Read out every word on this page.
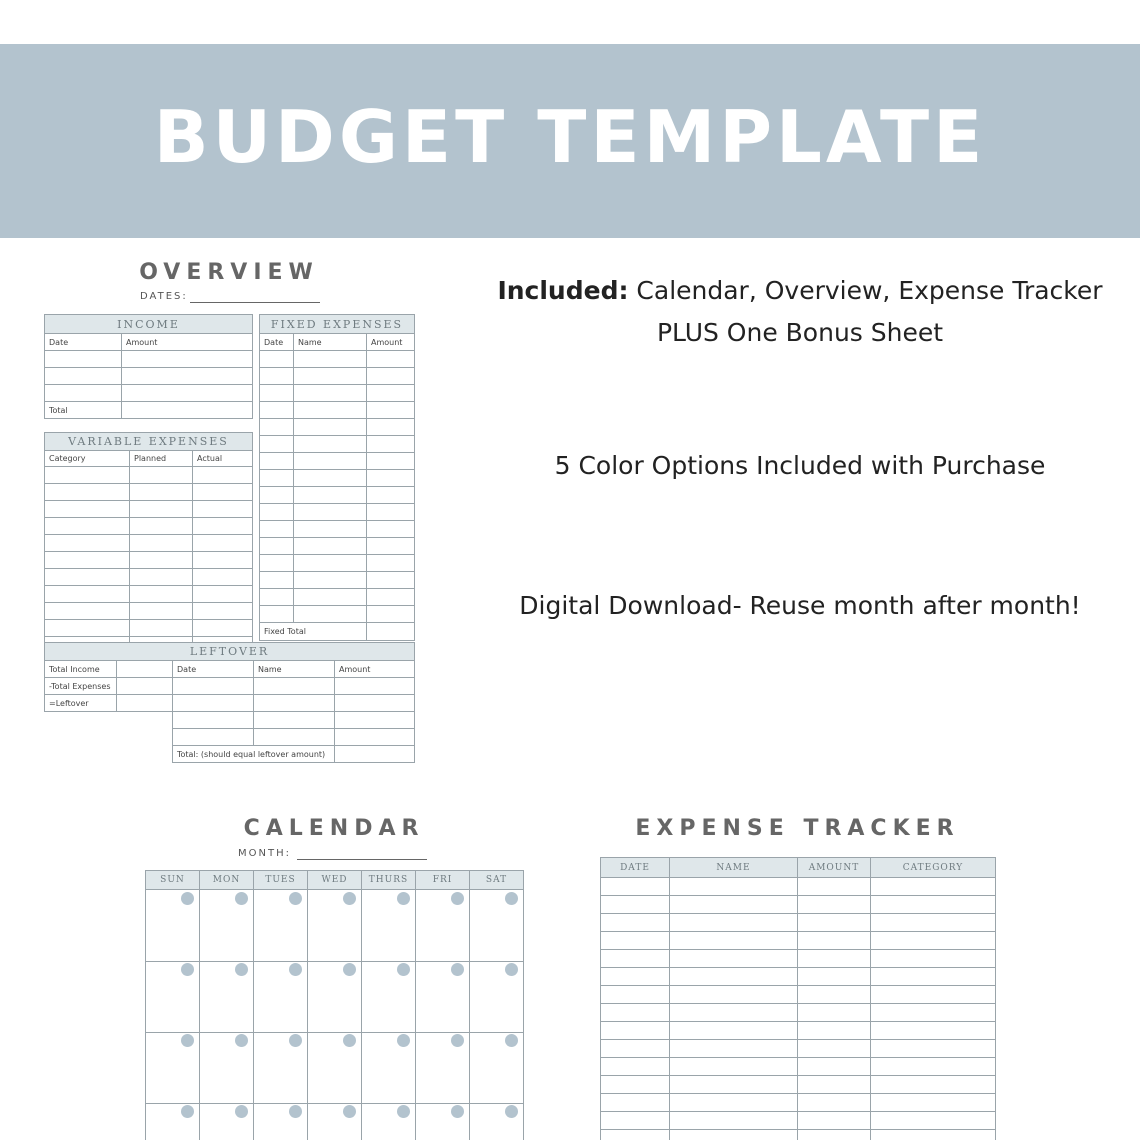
BUDGET TEMPLATE
Included: Calendar, Overview, Expense Tracker
PLUS One Bonus Sheet
5 Color Options Included with Purchase
Digital Download- Reuse month after month!
OVERVIEW
DATES:
INCOME	
Date	Amount

Total	
VARIABLE EXPENSES		
Category	Planned	Actual

FIXED EXPENSES		
Date	Name	Amount

Fixed Total		
LEFTOVER				
Total Income		Date	Name	Amount
-Total Expenses				
=Leftover				

		Total: (should equal leftover amount)		
CALENDAR
MONTH:
SUN	MON	TUES	WED	THURS	FRI	SAT

EXPENSE TRACKER
DATE	NAME	AMOUNT	CATEGORY
